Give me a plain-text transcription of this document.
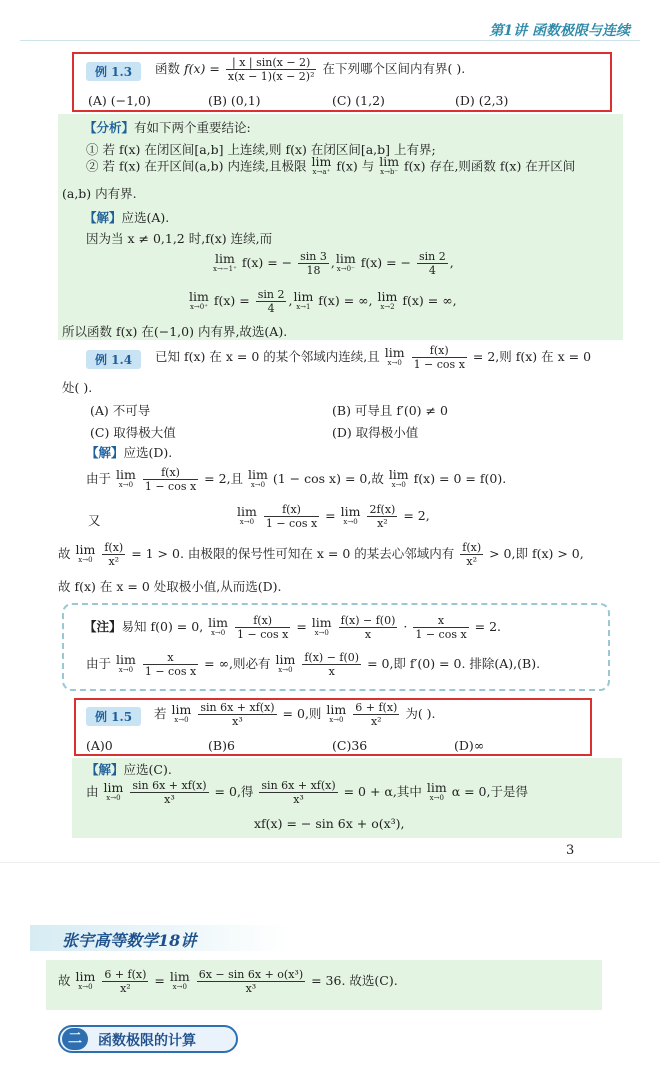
第1讲 函数极限与连续
例 1.3	函数 $f(x) = \frac{| x | \sin(x - 2)}{\text{x(x − 1)(x − 2)²}}$ 在下列哪个区间内有界( ).
(A) (−1,0)	(B) (0,1)	(C) (1,2)	(D) (2,3)
【分析】有如下两个重要结论:
① 若 f(x) 在闭区间[a,b] 上连续,则 f(x) 在闭区间[a,b] 上有界;
② 若 f(x) 在开区间(a,b) 内连续,且极限 lim
x→a⁺ f(x) 与 lim
x→b⁻ f(x) 存在,则函数 f(x) 在开区间
(a,b) 内有界.
【解】应选(A).
因为当 x ≠ 0,1,2 时,f(x) 连续,而
lim
x→−1⁺ f(x) = − $\frac{\sin 3}{18}$ , lim
x→0⁻ f(x) = − $\frac{\sin 2}{4}$ ,
lim
x→0⁺ $f(x) = \frac{\sin 2}{4}$ , lim
x→1 f(x) = ∞, lim
x→2 f(x) = ∞,
所以函数 f(x) 在(−1,0) 内有界,故选(A).
例 1.4	已知 f(x) 在 x = 0 的某个邻域内连续,且 lim
x→0
$\frac{f(x)}{\text{1 − cos x}} = 2$,则 f(x) 在 x = 0
处( ).
(A) 不可导	(B) 可导且 f′(0) ≠ 0
(C) 取得极大值	(D) 取得极小值
【解】应选(D).
由于 lim
x→0
$\frac{f(x)}{\text{1 − cos x}} = 2$,且 lim
x→0 (1 − cos x) = 0,故 lim
x→0 f(x) = 0 = f(0).
又
lim
x→0
$\frac{f(x)}{\text{1 − cos x}} = \lim$
x→0
$\frac{2f(x)}{\text{x²}} = 2$,
故 lim
x→0
$\frac{f(x)}{\text{x²}} = 1 > 0$. 由极限的保号性可知在 x = 0 的某去心邻域内有 $\frac{f(x)}{\text{x²}} > 0$,即 f(x) > 0,
故 f(x) 在 x = 0 处取极小值,从而选(D).
【注】易知 f(0) = 0, lim
x→0
$\frac{f(x)}{\text{1 − cos x}} = \lim$
x→0
$\frac{f(x) - f(0)}{x} \cdot \frac{x}{\text{1 − cos x}} = 2$.
由于 lim
x→0
$\frac{x}{\text{1 − cos x}}$ = ∞,则必有 lim
x→0
$\frac{f(x) - f(0)}{x} = 0$,即 f′(0) = 0. 排除(A),(B).
例 1.5	若 lim
x→0
$\frac{\sin 6x + xf(x)}{\text{x³}} = 0$,则 lim
x→0
$\frac{6 + f(x)}{\text{x²}}$ 为( ).
(A)0	(B)6	(C)36	(D)∞
【解】应选(C).
由 lim
x→0
$\frac{\sin 6x + xf(x)}{\text{x³}} = 0$,得 $\frac{\sin 6x + xf(x)}{\text{x³}} = 0 + \alpha$,其中 lim
x→0 α = 0,于是得
xf(x) = − sin 6x + o(x³),
3
张宇高等数学18讲
故 lim
x→0
$\frac{6 + f(x)}{\text{x²}} = \lim$
x→0
$\frac{\text{6x − sin 6x + o(x³)}}{\text{x³}} = 36$. 故选(C).
二	函数极限的计算
